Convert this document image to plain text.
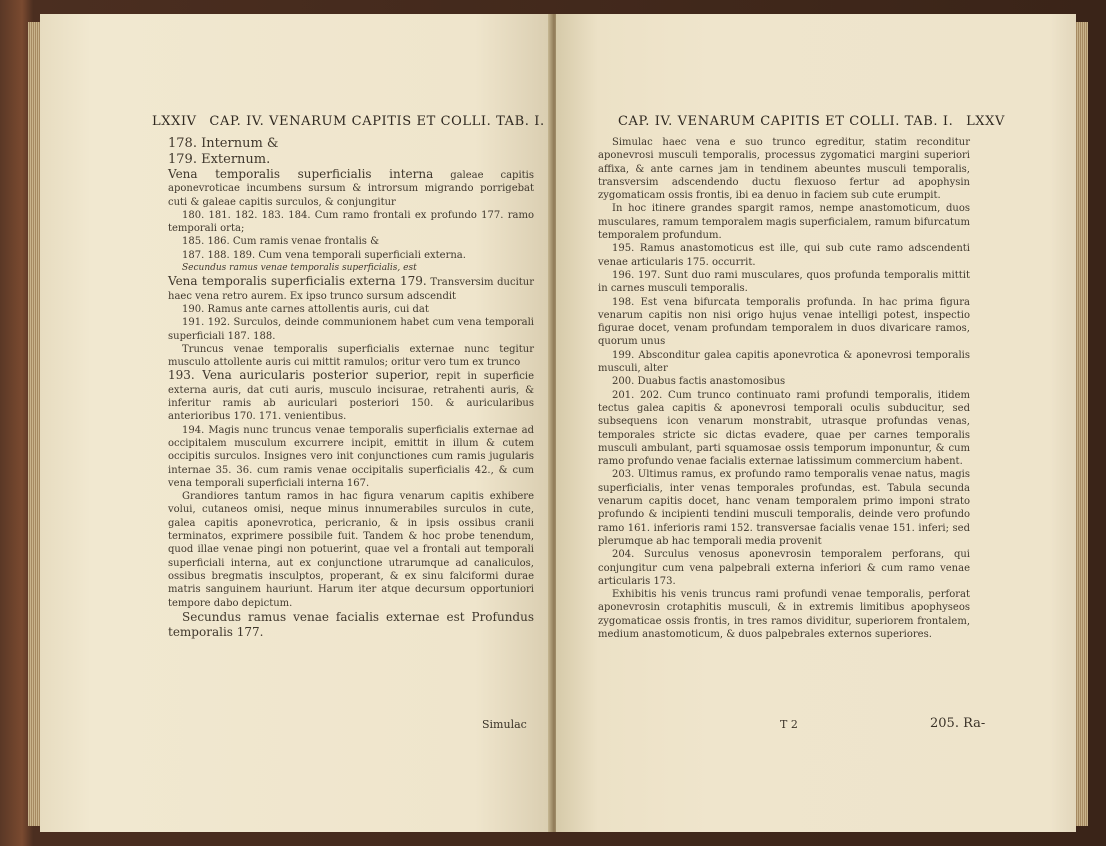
LXXIV CAP. IV. VENARUM CAPITIS ET COLLI. TAB. I.

178. Internum &

179. Externum.

Vena temporalis superficialis interna galeae capitis aponevroticae incumbens sursum & introrsum migrando porrigebat cuti & galeae capitis surculos, & conjungitur

180. 181. 182. 183. 184. Cum ramo frontali ex profundo 177. ramo temporali orta;

185. 186. Cum ramis venae frontalis &

187. 188. 189. Cum vena temporali superficiali externa.

Secundus ramus venae temporalis superficialis, est

Vena temporalis superficialis externa 179. Transversim ducitur haec vena retro aurem. Ex ipso trunco sursum adscendit

190. Ramus ante carnes attollentis auris, cui dat

191. 192. Surculos, deinde communionem habet cum vena temporali superficiali 187. 188.

Truncus venae temporalis superficialis externae nunc tegitur musculo attollente auris cui mittit ramulos; oritur vero tum ex trunco

193. Vena auricularis posterior superior, repit in superficie externa auris, dat cuti auris, musculo incisurae, retrahenti auris, & inferitur ramis ab auriculari posteriori 150. & auricularibus anterioribus 170. 171. venientibus.

194. Magis nunc truncus venae temporalis superficialis externae ad occipitalem musculum excurrere incipit, emittit in illum & cutem occipitis surculos. Insignes vero init conjunctiones cum ramis jugularis internae 35. 36. cum ramis venae occipitalis superficialis 42., & cum vena temporali superficiali interna 167.

Grandiores tantum ramos in hac figura venarum capitis exhibere volui, cutaneos omisi, neque minus innumerabiles surculos in cute, galea capitis aponevrotica, pericranio, & in ipsis ossibus cranii terminatos, exprimere possibile fuit. Tandem & hoc probe tenendum, quod illae venae pingi non potuerint, quae vel a frontali aut temporali superficiali interna, aut ex conjunctione utrarumque ad canaliculos, ossibus bregmatis insculptos, properant, & ex sinu falciformi durae matris sanguinem hauriunt. Harum iter atque decursum opportuniori tempore dabo depictum.

Secundus ramus venae facialis externae est Profundus temporalis 177.

Simulac
CAP. IV. VENARUM CAPITIS ET COLLI. TAB. I. LXXV

Simulac haec vena e suo trunco egreditur, statim reconditur aponevrosi musculi temporalis, processus zygomatici margini superiori affixa, & ante carnes jam in tendinem abeuntes musculi temporalis, transversim adscendendo ductu flexuoso fertur ad apophysin zygomaticam ossis frontis, ibi ea denuo in faciem sub cute erumpit.

In hoc itinere grandes spargit ramos, nempe anastomoticum, duos musculares, ramum temporalem magis superficialem, ramum bifurcatum temporalem profundum.

195. Ramus anastomoticus est ille, qui sub cute ramo adscendenti venae articularis 175. occurrit.

196. 197. Sunt duo rami musculares, quos profunda temporalis mittit in carnes musculi temporalis.

198. Est vena bifurcata temporalis profunda. In hac prima figura venarum capitis non nisi origo hujus venae intelligi potest, inspectio figurae docet, venam profundam temporalem in duos divaricare ramos, quorum unus

199. Absconditur galea capitis aponevrotica & aponevrosi temporalis musculi, alter

200. Duabus factis anastomosibus

201. 202. Cum trunco continuato rami profundi temporalis, itidem tectus galea capitis & aponevrosi temporali oculis subducitur, sed subsequens icon venarum monstrabit, utrasque profundas venas, temporales stricte sic dictas evadere, quae per carnes temporalis musculi ambulant, parti squamosae ossis temporum imponuntur, & cum ramo profundo venae facialis externae latissimum commercium habent.

203. Ultimus ramus, ex profundo ramo temporalis venae natus, magis superficialis, inter venas temporales profundas, est. Tabula secunda venarum capitis docet, hanc venam temporalem primo imponi strato profundo & incipienti tendini musculi temporalis, deinde vero profundo ramo 161. inferioris rami 152. transversae facialis venae 151. inferi; sed plerumque ab hac temporali media provenit

204. Surculus venosus aponevrosin temporalem perforans, qui conjungitur cum vena palpebrali externa inferiori & cum ramo venae articularis 173.

Exhibitis his venis truncus rami profundi venae temporalis, perforat aponevrosin crotaphitis musculi, & in extremis limitibus apophyseos zygomaticae ossis frontis, in tres ramos dividitur, superiorem frontalem, medium anastomoticum, & duos palpebrales externos superiores.

T 2	205. Ra-
